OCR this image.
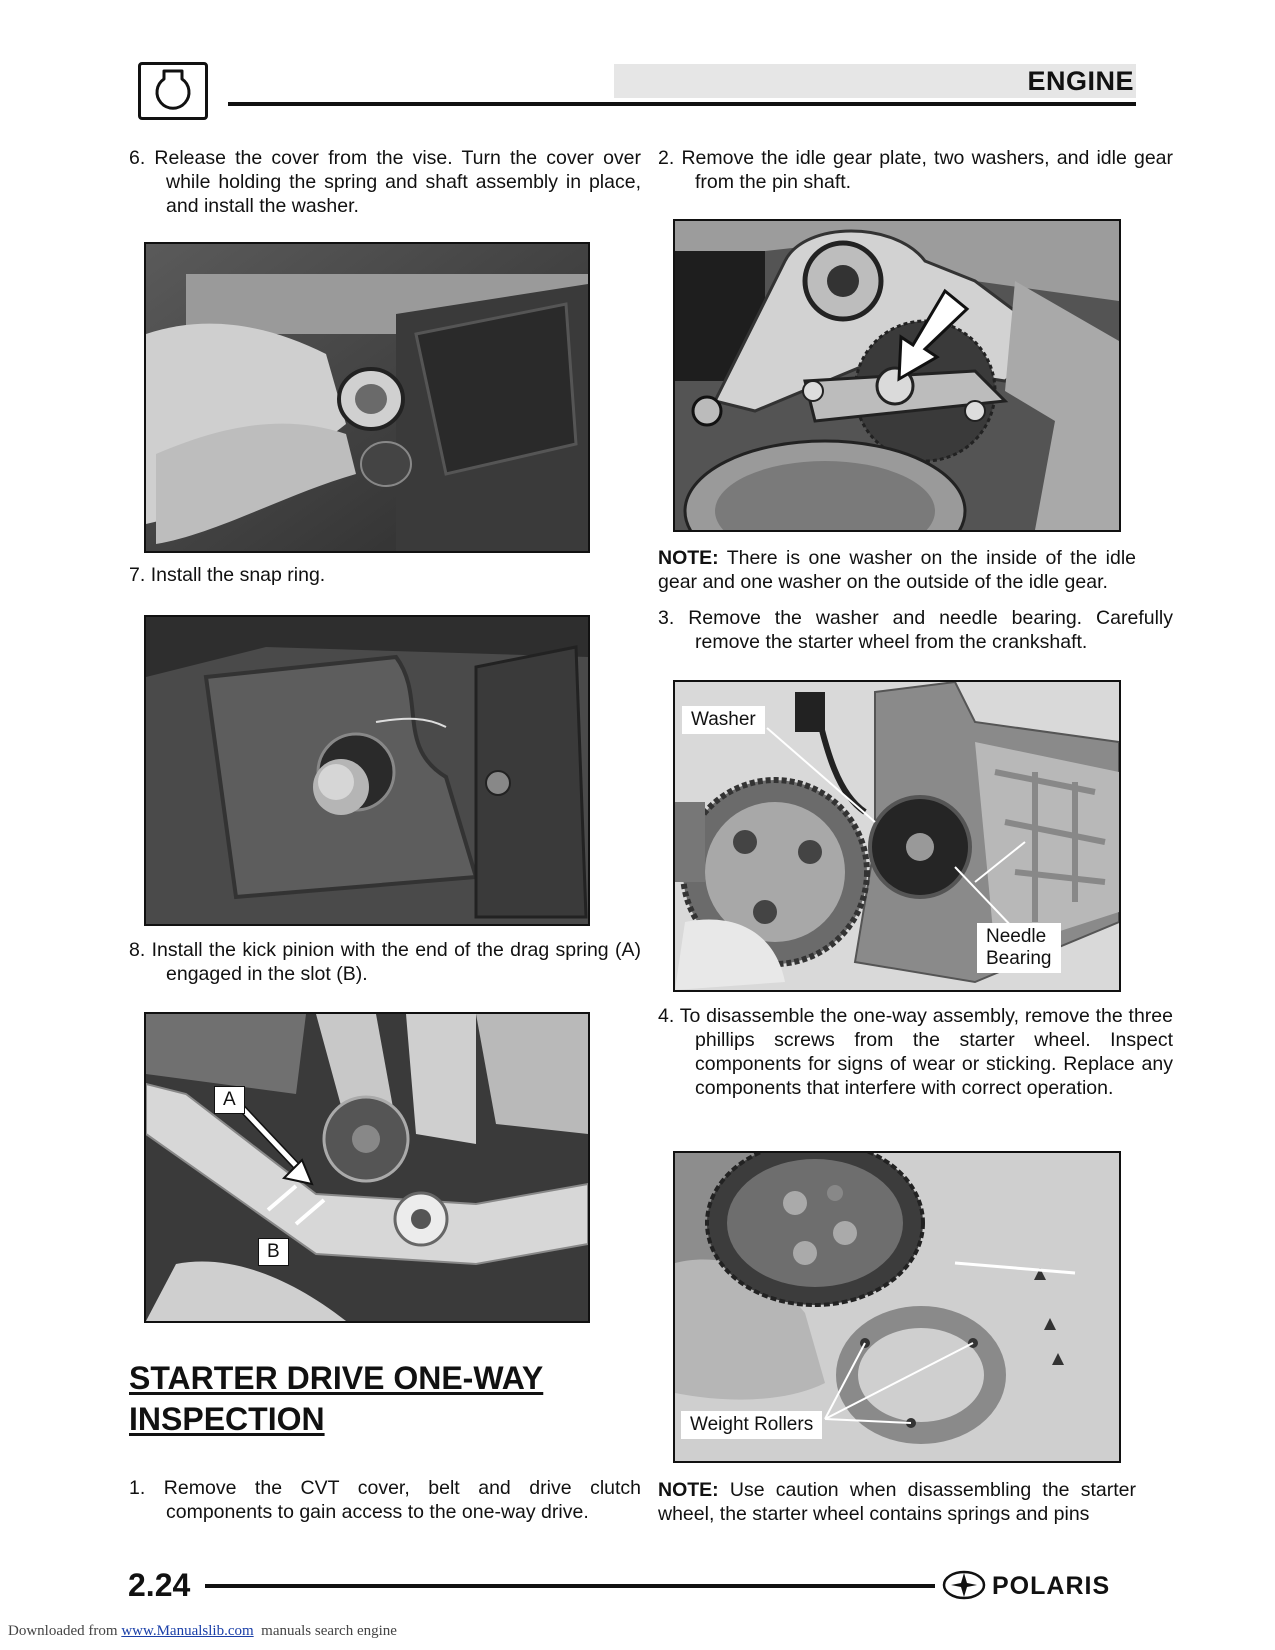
ENGINE
6. Release the cover from the vise. Turn the cover over while holding the spring and shaft assembly in place, and install the washer.
7. Install the snap ring.
8. Install the kick pinion with the end of the drag spring (A) engaged in the slot (B).
A
B
STARTER DRIVE ONE-WAY
INSPECTION
1. Remove the CVT cover, belt and drive clutch components to gain access to the one-way drive.
2. Remove the idle gear plate, two washers, and idle gear from the pin shaft.
NOTE: There is one washer on the inside of the idle gear and one washer on the outside of the idle gear.
3. Remove the washer and needle bearing. Carefully remove the starter wheel from the crankshaft.
Washer
Needle
Bearing
4. To disassemble the one-way assembly, remove the three phillips screws from the starter wheel. Inspect components for signs of wear or sticking. Replace any components that interfere with correct operation.
Weight Rollers
NOTE: Use caution when disassembling the starter wheel, the starter wheel contains springs and pins
2.24	POLARIS
Downloaded from www.Manualslib.com  manuals search engine
